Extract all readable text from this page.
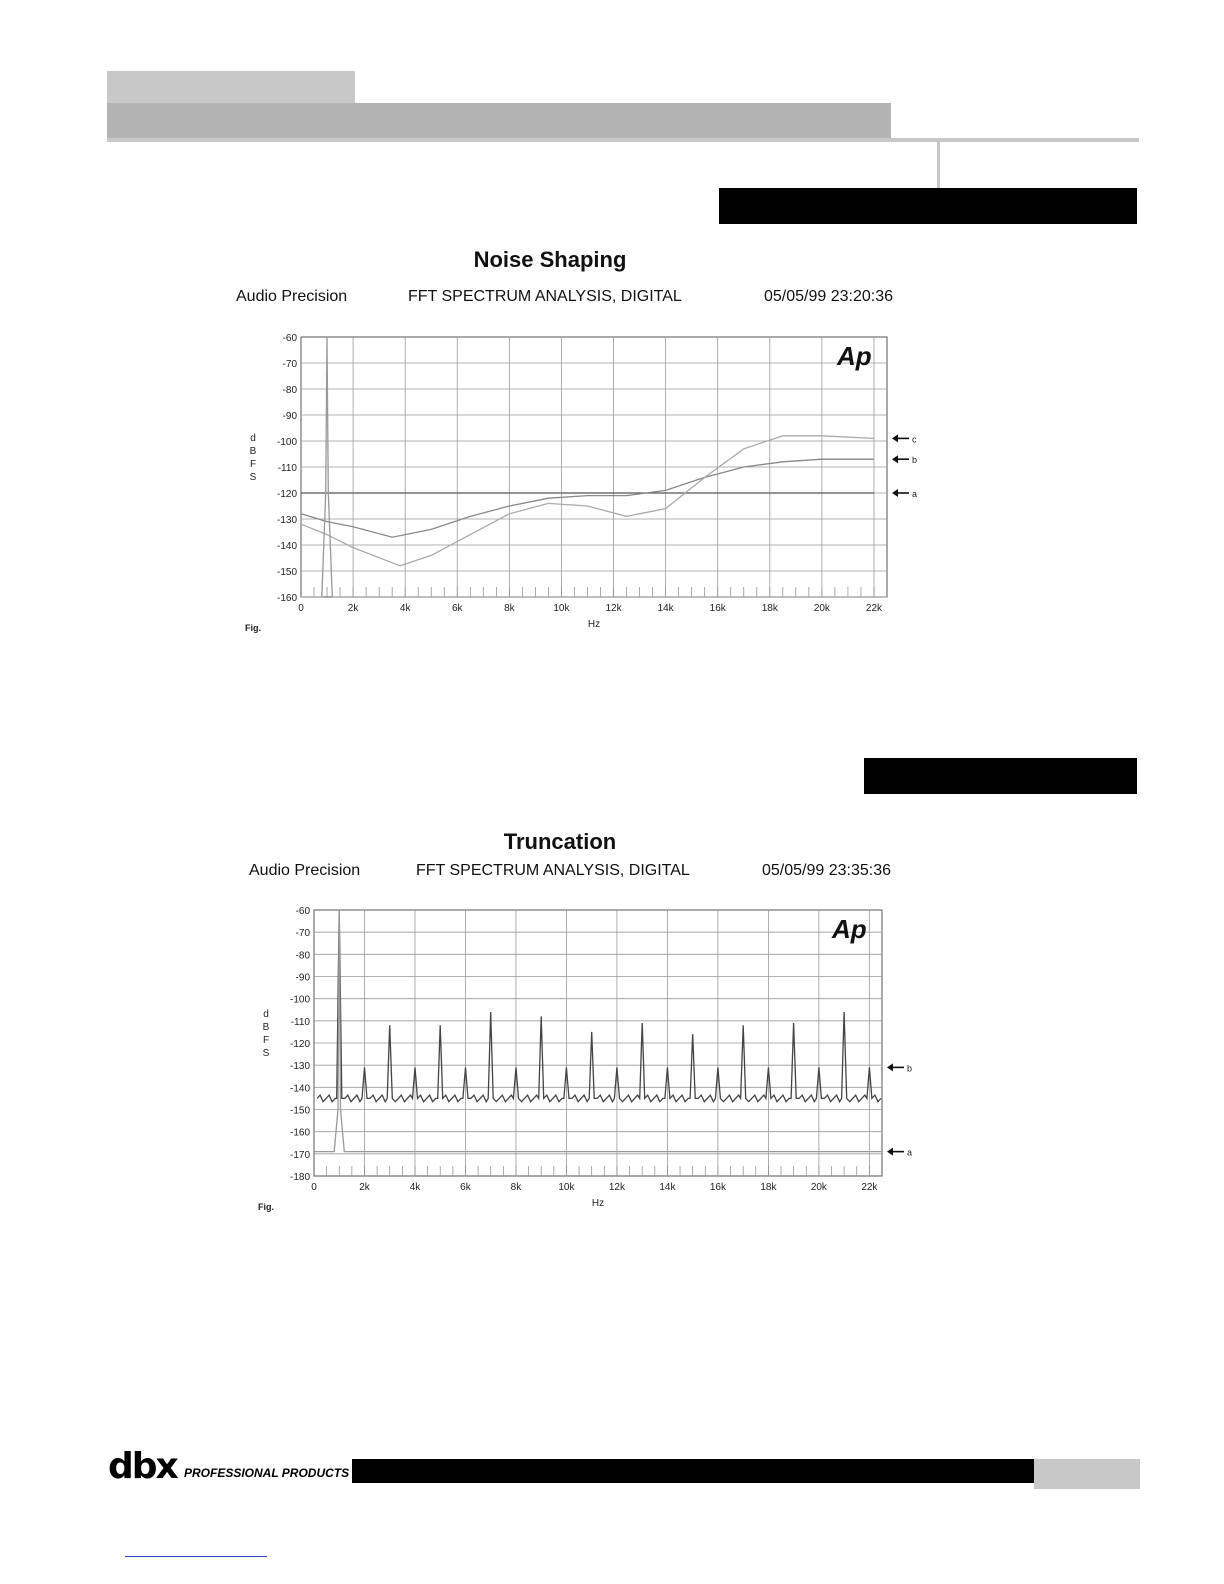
Noise Shaping
Audio Precision	FFT SPECTRUM ANALYSIS, DIGITAL	05/05/99 23:20:36
-60
-70
-80
-90
-100
-110
-120
-130
-140
-150
-160
0	2k	4k	6k	8k	10k	12k	14k	16k	18k	20k	22k
Hz
d
B
F
S
Fig.
Ap
a
b
c
Truncation
Audio Precision	FFT SPECTRUM ANALYSIS, DIGITAL	05/05/99 23:35:36
-60
-70
-80
-90
-100
-110
-120
-130
-140
-150
-160
-170
-180
0	2k	4k	6k	8k	10k	12k	14k	16k	18k	20k	22k
Hz
d
B
F
S
Fig.
Ap
b
a
dbx PROFESSIONAL PRODUCTS
